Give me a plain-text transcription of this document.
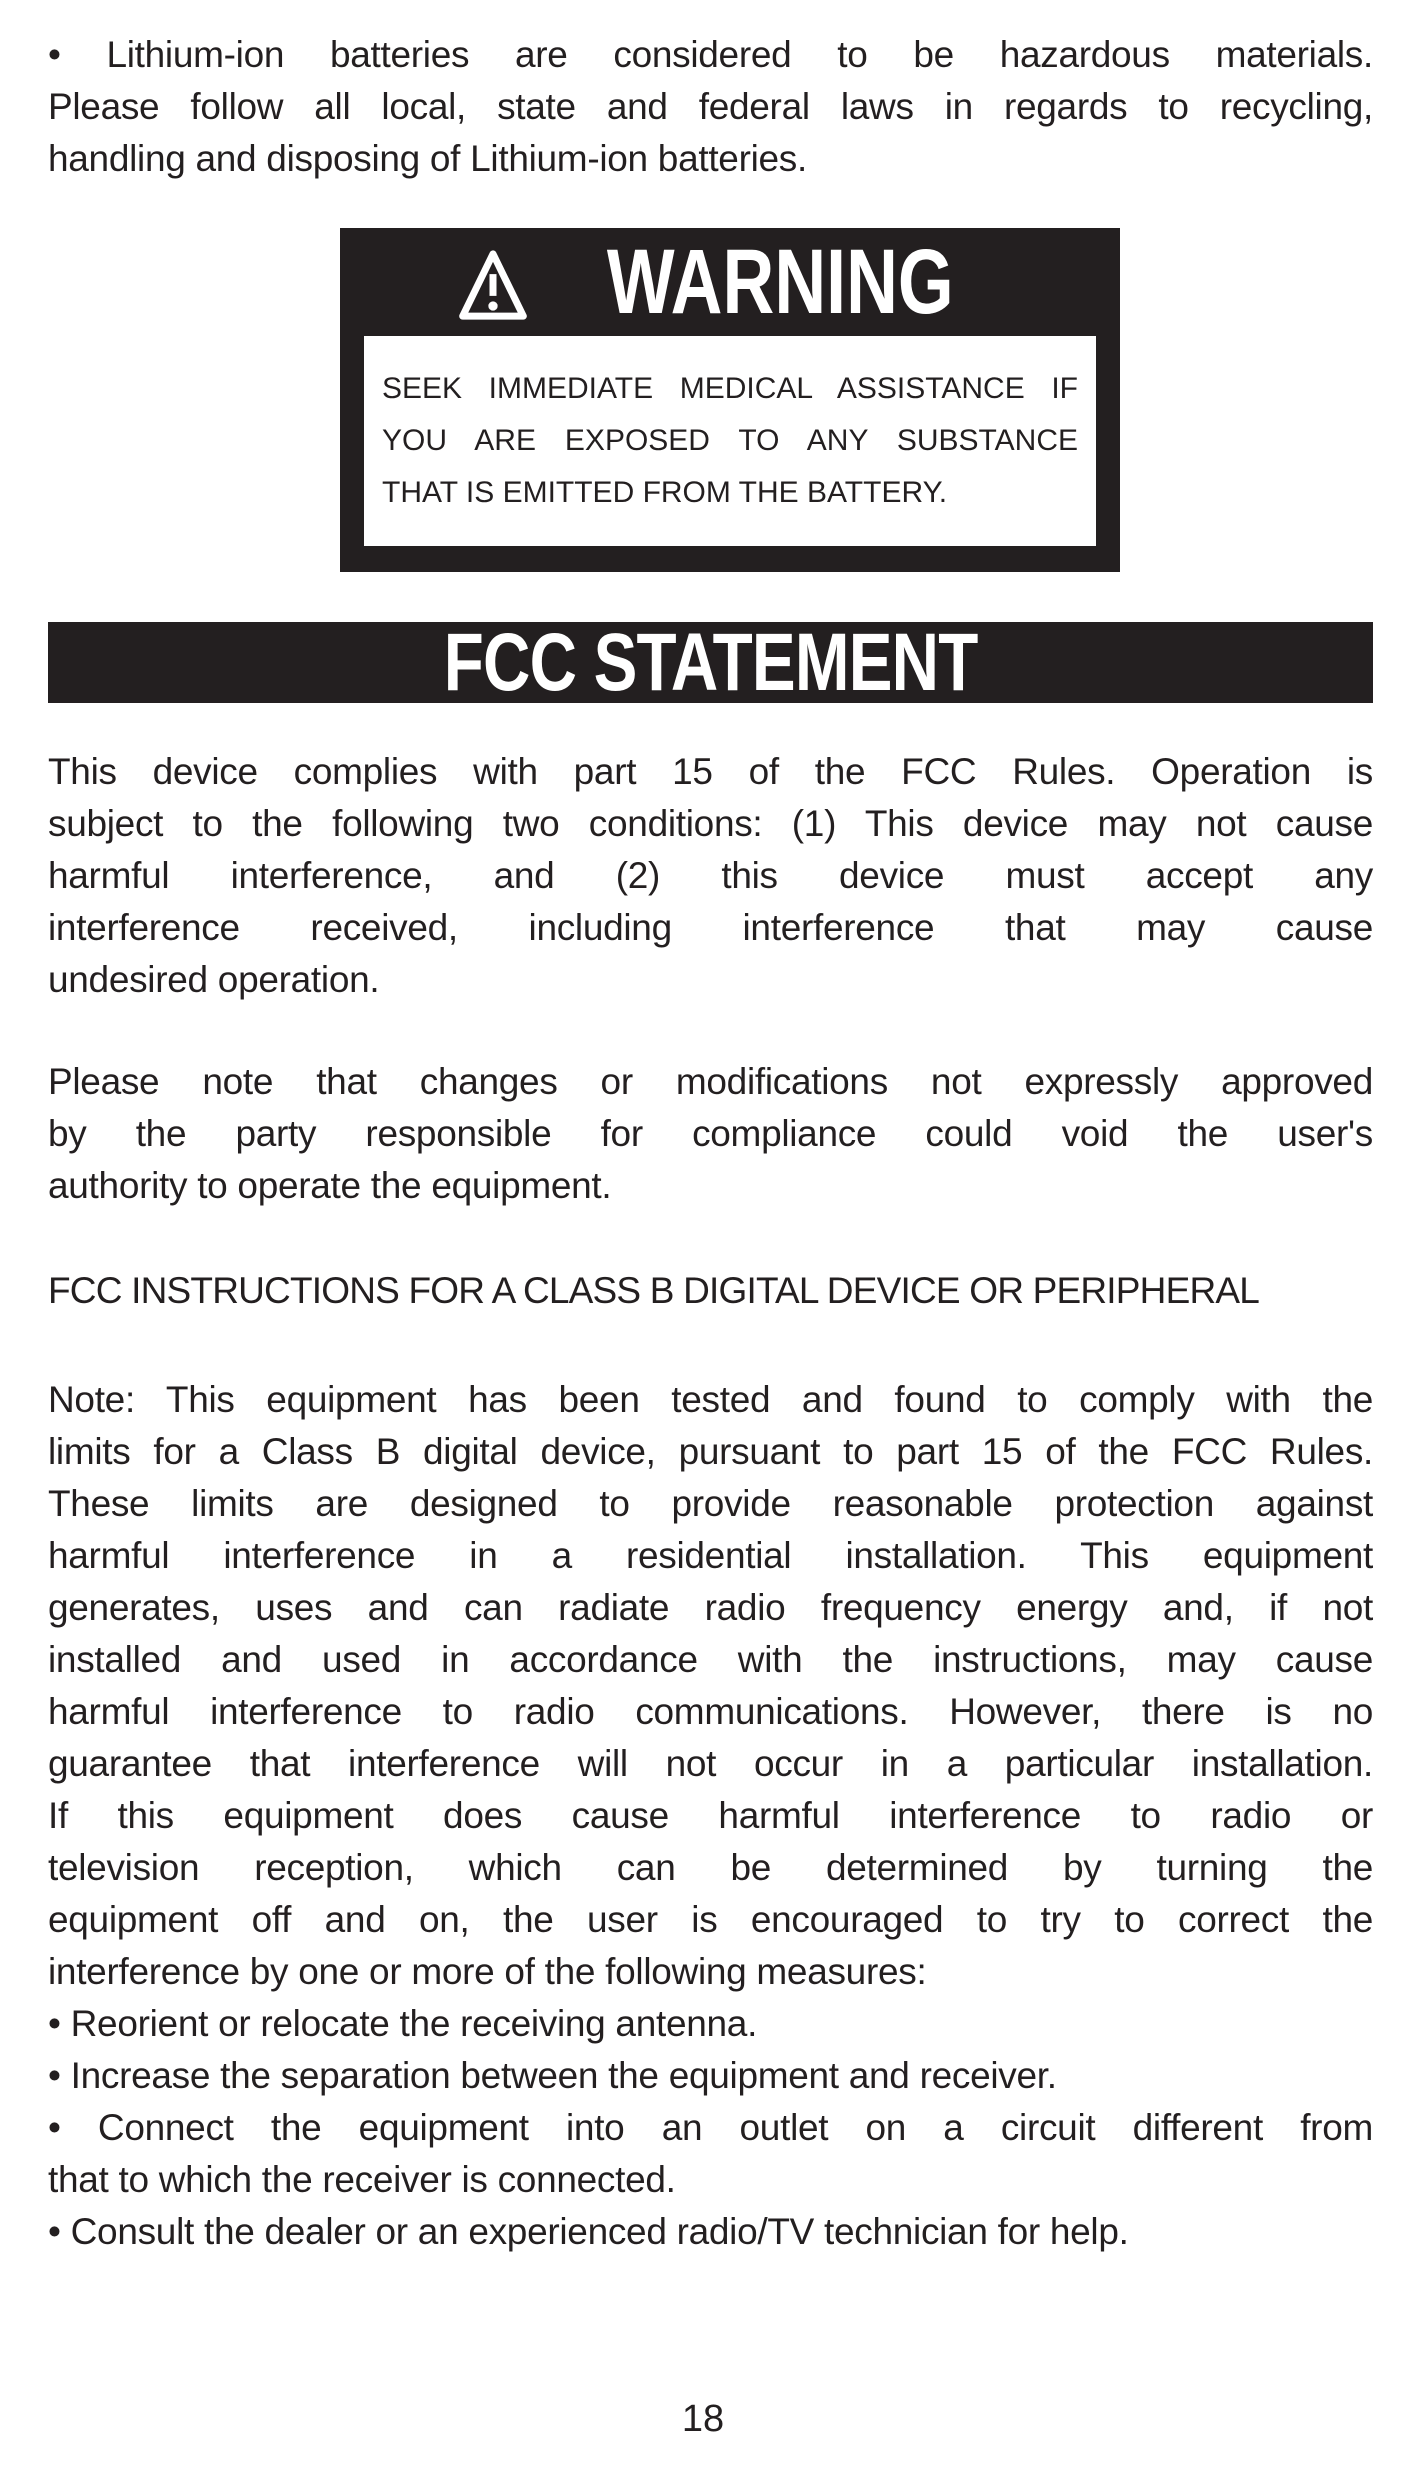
• Lithium-ion batteries are considered to be hazardous materials.
Please follow all local, state and federal laws in regards to recycling,
handling and disposing of Lithium-ion batteries.
WARNING
SEEK IMMEDIATE MEDICAL ASSISTANCE IF
YOU ARE EXPOSED TO ANY SUBSTANCE
THAT IS EMITTED FROM THE BATTERY.
FCC STATEMENT
This device complies with part 15 of the FCC Rules. Operation is
subject to the following two conditions: (1) This device may not cause
harmful interference, and (2) this device must accept any
interference received, including interference that may cause
undesired operation.
Please note that changes or modifications not expressly approved
by the party responsible for compliance could void the user's
authority to operate the equipment.
FCC INSTRUCTIONS FOR A CLASS B DIGITAL DEVICE OR PERIPHERAL
Note: This equipment has been tested and found to comply with the
limits for a Class B digital device, pursuant to part 15 of the FCC Rules.
These limits are designed to provide reasonable protection against
harmful interference in a residential installation. This equipment
generates, uses and can radiate radio frequency energy and, if not
installed and used in accordance with the instructions, may cause
harmful interference to radio communications. However, there is no
guarantee that interference will not occur in a particular installation.
If this equipment does cause harmful interference to radio or
television reception, which can be determined by turning the
equipment off and on, the user is encouraged to try to correct the
interference by one or more of the following measures:
• Reorient or relocate the receiving antenna.
• Increase the separation between the equipment and receiver.
• Connect the equipment into an outlet on a circuit different from
that to which the receiver is connected.
• Consult the dealer or an experienced radio/TV technician for help.
18
